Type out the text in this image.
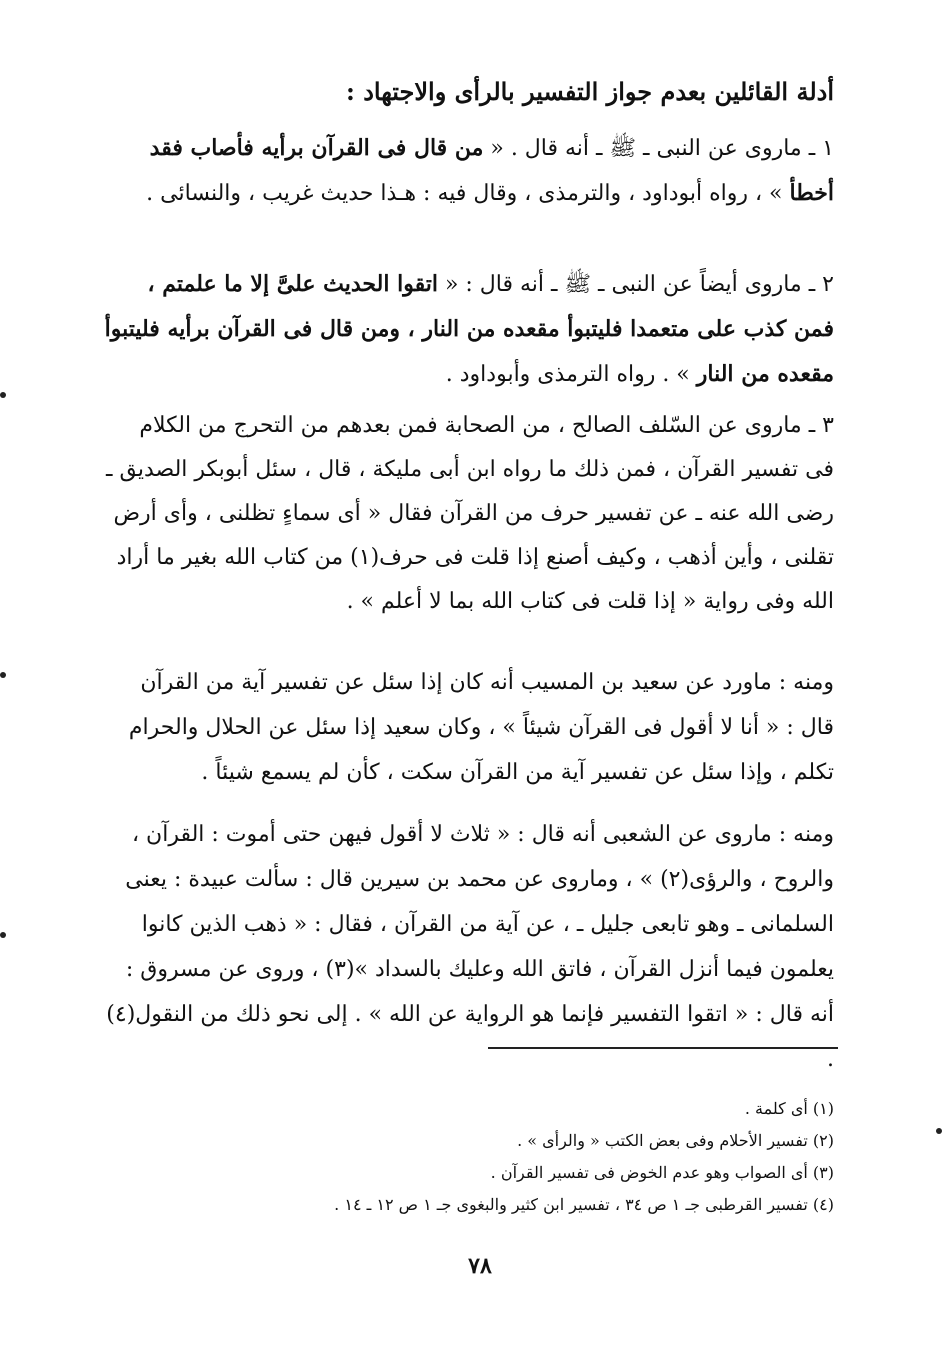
أدلة القائلين بعدم جواز التفسير بالرأى والاجتهاد :
١ ـ ماروى عن النبى ـ ﷺ ـ أنه قال . « من قال فى القرآن برأيه فأصاب فقد أخطأ » ، رواه أبوداود ، والترمذى ، وقال فيه : هـذا حديث غريب ، والنسائى .
٢ ـ ماروى أيضاً عن النبى ـ ﷺ ـ أنه قال : « اتقوا الحديث علىَّ إلا ما علمتم ، فمن كذب على متعمدا فليتبوأ مقعده من النار ، ومن قال فى القرآن برأيه فليتبوأ مقعده من النار » . رواه الترمذى وأبوداود .
٣ ـ ماروى عن السّلف الصالح ، من الصحابة فمن بعدهم من التحرج من الكلام فى تفسير القرآن ، فمن ذلك ما رواه ابن أبى مليكة ، قال ، سئل أبوبكر الصديق ـ رضى الله عنه ـ عن تفسير حرف من القرآن فقال « أى سماءٍ تظلنى ، وأى أرض تقلنى ، وأين أذهب ، وكيف أصنع إذا قلت فى حرف(١) من كتاب الله بغير ما أراد الله وفى رواية « إذا قلت فى كتاب الله بما لا أعلم » .
ومنه : ماورد عن سعيد بن المسيب أنه كان إذا سئل عن تفسير آية من القرآن قال : « أنا لا أقول فى القرآن شيئاً » ، وكان سعيد إذا سئل عن الحلال والحرام تكلم ، وإذا سئل عن تفسير آية من القرآن سكت ، كأن لم يسمع شيئاً .
ومنه : ماروى عن الشعبى أنه قال : « ثلاث لا أقول فيهن حتى أموت : القرآن ، والروح ، والرؤى(٢) » ، وماروى عن محمد بن سيرين قال : سألت عبيدة : يعنى السلمانى ـ وهو تابعى جليل ـ ، عن آية من القرآن ، فقال : « ذهب الذين كانوا يعلمون فيما أنزل القرآن ، فاتق الله وعليك بالسداد »(٣) ، وروى عن مسروق : أنه قال : « اتقوا التفسير فإنما هو الرواية عن الله » . إلى نحو ذلك من النقول(٤) .
(١) أى كلمة .
(٢) تفسير الأحلام وفى بعض الكتب « والرأى » .
(٣) أى الصواب وهو عدم الخوض فى تفسير القرآن .
(٤) تفسير القرطبى جـ ١ ص ٣٤ ، تفسير ابن كثير والبغوى جـ ١ ص ١٢ ـ ١٤ .
٧٨
